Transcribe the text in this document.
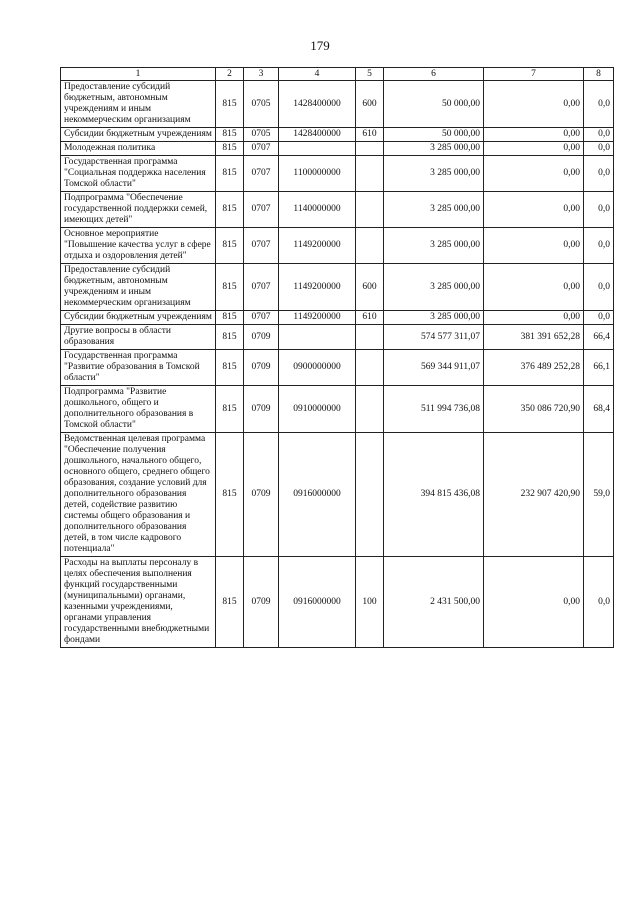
179
1	2	3	4	5	6	7	8
Предоставление субсидий бюджетным, автономным учреждениям и иным некоммерческим организациям	815	0705	1428400000	600	50 000,00	0,00	0,0
Субсидии бюджетным учреждениям	815	0705	1428400000	610	50 000,00	0,00	0,0
Молодежная политика	815	0707			3 285 000,00	0,00	0,0
Государственная программа "Социальная поддержка населения Томской области"	815	0707	1100000000		3 285 000,00	0,00	0,0
Подпрограмма "Обеспечение государственной поддержки семей, имеющих детей"	815	0707	1140000000		3 285 000,00	0,00	0,0
Основное мероприятие "Повышение качества услуг в сфере отдыха и оздоровления детей"	815	0707	1149200000		3 285 000,00	0,00	0,0
Предоставление субсидий бюджетным, автономным учреждениям и иным некоммерческим организациям	815	0707	1149200000	600	3 285 000,00	0,00	0,0
Субсидии бюджетным учреждениям	815	0707	1149200000	610	3 285 000,00	0,00	0,0
Другие вопросы в области образования	815	0709			574 577 311,07	381 391 652,28	66,4
Государственная программа "Развитие образования в Томской области"	815	0709	0900000000		569 344 911,07	376 489 252,28	66,1
Подпрограмма "Развитие дошкольного, общего и дополнительного образования в Томской области"	815	0709	0910000000		511 994 736,08	350 086 720,90	68,4
Ведомственная целевая программа "Обеспечение получения дошкольного, начального общего, основного общего, среднего общего образования, создание условий для дополнительного образования детей, содействие развитию системы общего образования и дополнительного образования детей, в том числе кадрового потенциала"	815	0709	0916000000		394 815 436,08	232 907 420,90	59,0
Расходы на выплаты персоналу в целях обеспечения выполнения функций государственными (муниципальными) органами, казенными учреждениями, органами управления государственными внебюджетными фондами	815	0709	0916000000	100	2 431 500,00	0,00	0,0
